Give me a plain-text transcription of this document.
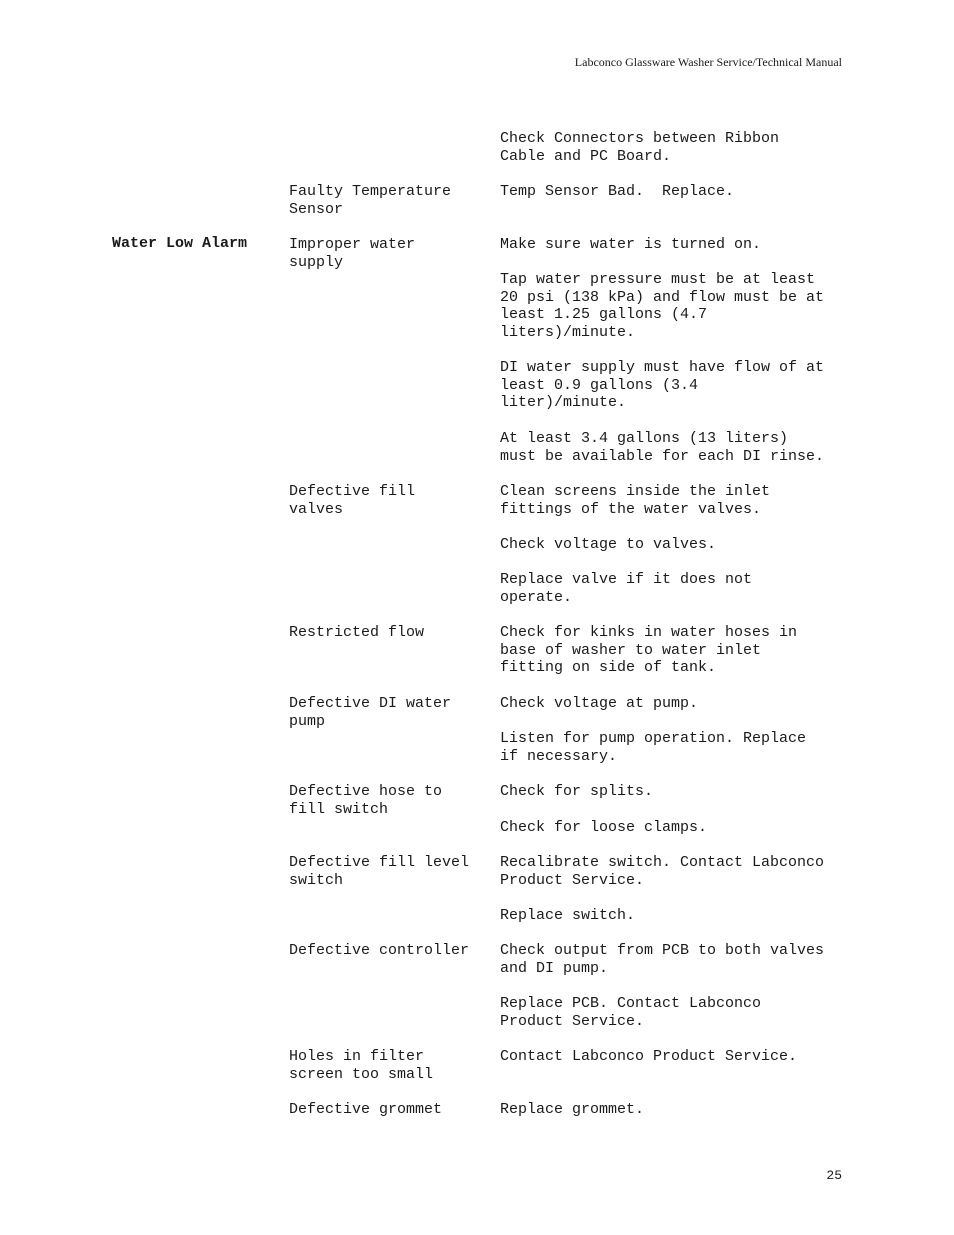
Labconco Glassware Washer Service/Technical Manual
Water Low Alarm
Faulty Temperature
Sensor
Improper water
supply
Defective fill
valves
Restricted flow
Defective DI water
pump
Defective hose to
fill switch
Defective fill level
switch
Defective controller
Holes in filter
screen too small
Defective grommet
Check Connectors between Ribbon
Cable and PC Board.
Temp Sensor Bad.  Replace.
Make sure water is turned on.
Tap water pressure must be at least
20 psi (138 kPa) and flow must be at
least 1.25 gallons (4.7
liters)/minute.
DI water supply must have flow of at
least 0.9 gallons (3.4
liter)/minute.
At least 3.4 gallons (13 liters)
must be available for each DI rinse.
Clean screens inside the inlet
fittings of the water valves.
Check voltage to valves.
Replace valve if it does not
operate.
Check for kinks in water hoses in
base of washer to water inlet
fitting on side of tank.
Check voltage at pump.
Listen for pump operation. Replace
if necessary.
Check for splits.
Check for loose clamps.
Recalibrate switch. Contact Labconco
Product Service.
Replace switch.
Check output from PCB to both valves
and DI pump.
Replace PCB. Contact Labconco
Product Service.
Contact Labconco Product Service.
Replace grommet.
25
